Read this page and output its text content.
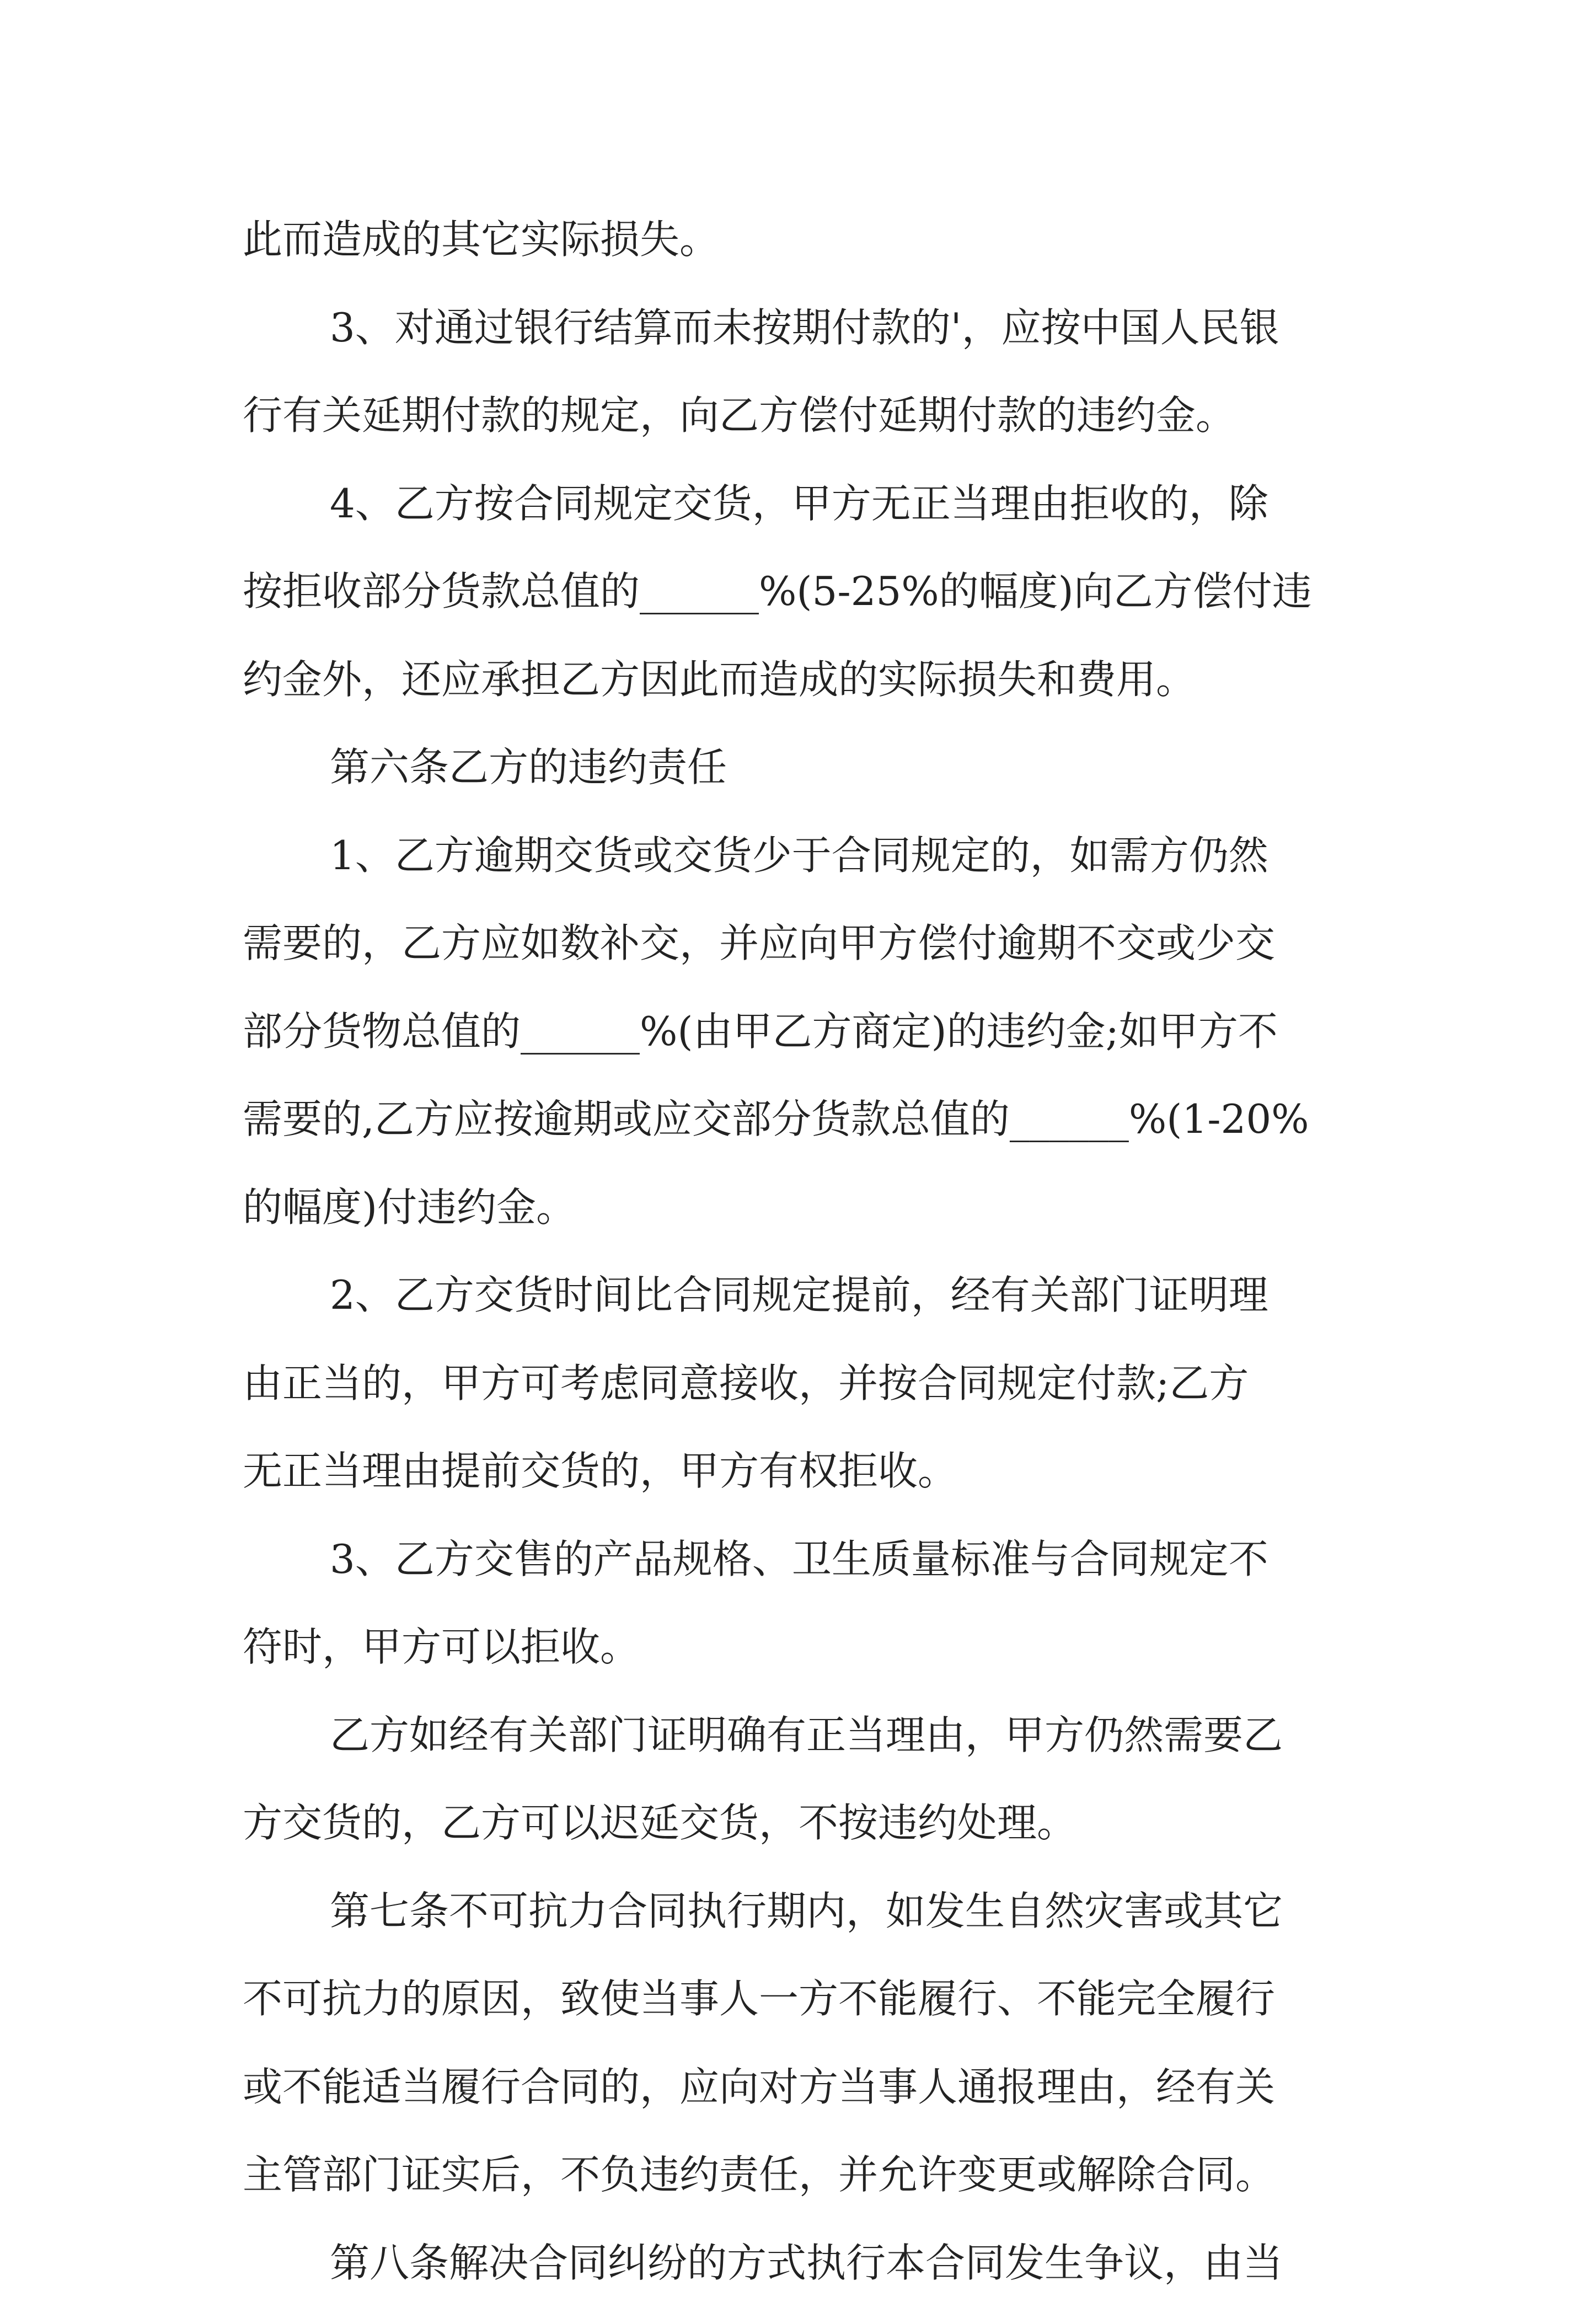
此而造成的其它实际损失。
3、对通过银行结算而未按期付款的'，应按中国人民银
行有关延期付款的规定，向乙方偿付延期付款的违约金。
4、乙方按合同规定交货，甲方无正当理由拒收的，除
按拒收部分货款总值的______%(5-25%的幅度)向乙方偿付违
约金外，还应承担乙方因此而造成的实际损失和费用。
第六条乙方的违约责任
1、乙方逾期交货或交货少于合同规定的，如需方仍然
需要的，乙方应如数补交，并应向甲方偿付逾期不交或少交
部分货物总值的______%(由甲乙方商定)的违约金;如甲方不
需要的,乙方应按逾期或应交部分货款总值的______%(1-20%
的幅度)付违约金。
2、乙方交货时间比合同规定提前，经有关部门证明理
由正当的，甲方可考虑同意接收，并按合同规定付款;乙方
无正当理由提前交货的，甲方有权拒收。
3、乙方交售的产品规格、卫生质量标准与合同规定不
符时，甲方可以拒收。
乙方如经有关部门证明确有正当理由，甲方仍然需要乙
方交货的，乙方可以迟延交货，不按违约处理。
第七条不可抗力合同执行期内，如发生自然灾害或其它
不可抗力的原因，致使当事人一方不能履行、不能完全履行
或不能适当履行合同的，应向对方当事人通报理由，经有关
主管部门证实后，不负违约责任，并允许变更或解除合同。
第八条解决合同纠纷的方式执行本合同发生争议，由当
